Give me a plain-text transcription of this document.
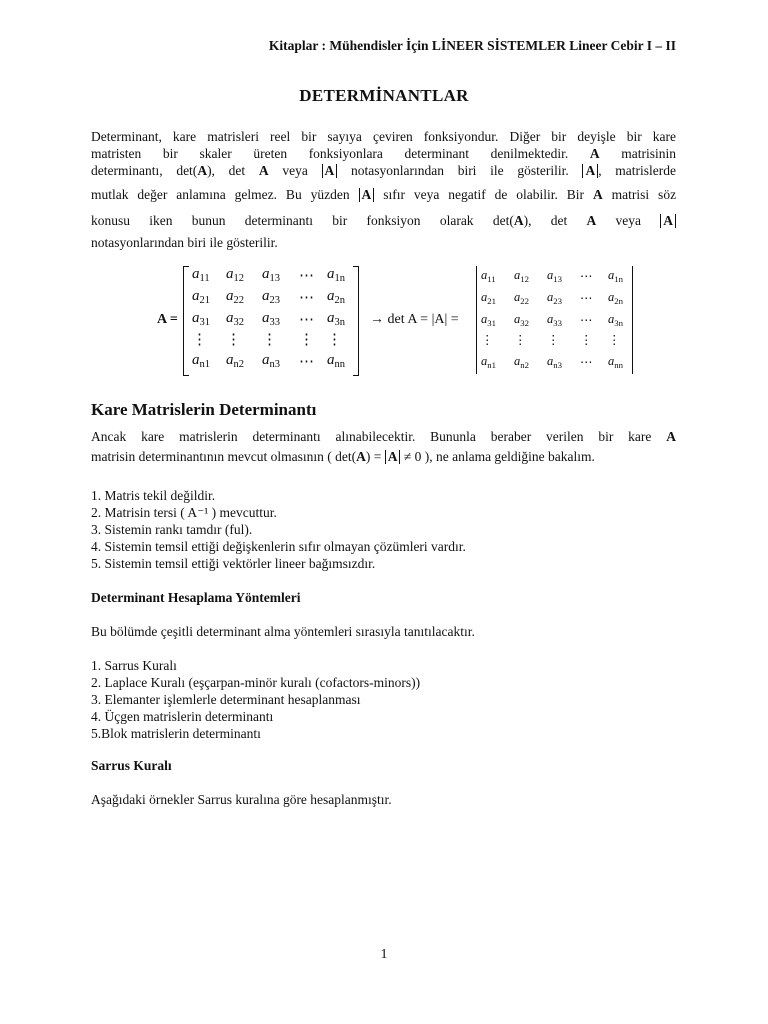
Kitaplar : Mühendisler İçin LİNEER SİSTEMLER Lineer Cebir I – II
DETERMİNANTLAR
Determinant, kare matrisleri reel bir sayıya çeviren fonksiyondur. Diğer bir deyişle bir kare
matristen bir skaler üreten fonksiyonlara determinant denilmektedir. A matrisinin
determinantı, det(A), det A veya A notasyonlarından biri ile gösterilir. A , matrislerde
mutlak değer anlamına gelmez. Bu yüzden A sıfır veya negatif de olabilir. Bir A matrisi söz
konusu iken bunun determinantı bir fonksiyon olarak det(A), det A veya A
notasyonlarından biri ile gösterilir.
A =
$a_{11}$ $a_{12}$ $a_{13}$ ⋯ $a_{1n}$
$a_{21}$ $a_{22}$ $a_{23}$ ⋯ $a_{2n}$
$a_{31}$ $a_{32}$ $a_{33}$ ⋯ $a_{3n}$
⋮ ⋮ ⋮ ⋮ ⋮
$a_{n1}$ $a_{n2}$ $a_{n3}$ ⋯ $a_{nn}$
→ det A = |A| =
$a_{11}$ $a_{12}$ $a_{13}$ ⋯ $a_{1n}$
$a_{21}$ $a_{22}$ $a_{23}$ ⋯ $a_{2n}$
$a_{31}$ $a_{32}$ $a_{33}$ ⋯ $a_{3n}$
⋮ ⋮ ⋮ ⋮ ⋮
$a_{n1}$ $a_{n2}$ $a_{n3}$ ⋯ $a_{nn}$
Kare Matrislerin Determinantı
Ancak kare matrislerin determinantı alınabilecektir. Bununla beraber verilen bir kare A
matrisin determinantının mevcut olmasının ( det(A) = A ≠ 0 ), ne anlama geldiğine bakalım.
1. Matris tekil değildir.
2. Matrisin tersi ( A⁻¹ ) mevcuttur.
3. Sistemin rankı tamdır (ful).
4. Sistemin temsil ettiği değişkenlerin sıfır olmayan çözümleri vardır.
5. Sistemin temsil ettiği vektörler lineer bağımsızdır.
Determinant Hesaplama Yöntemleri
Bu bölümde çeşitli determinant alma yöntemleri sırasıyla tanıtılacaktır.
1. Sarrus Kuralı
2. Laplace Kuralı (eşçarpan-minör kuralı (cofactors-minors))
3. Elemanter işlemlerle determinant hesaplanması
4. Üçgen matrislerin determinantı
5.Blok matrislerin determinantı
Sarrus Kuralı
Aşağıdaki örnekler Sarrus kuralına göre hesaplanmıştır.
1
